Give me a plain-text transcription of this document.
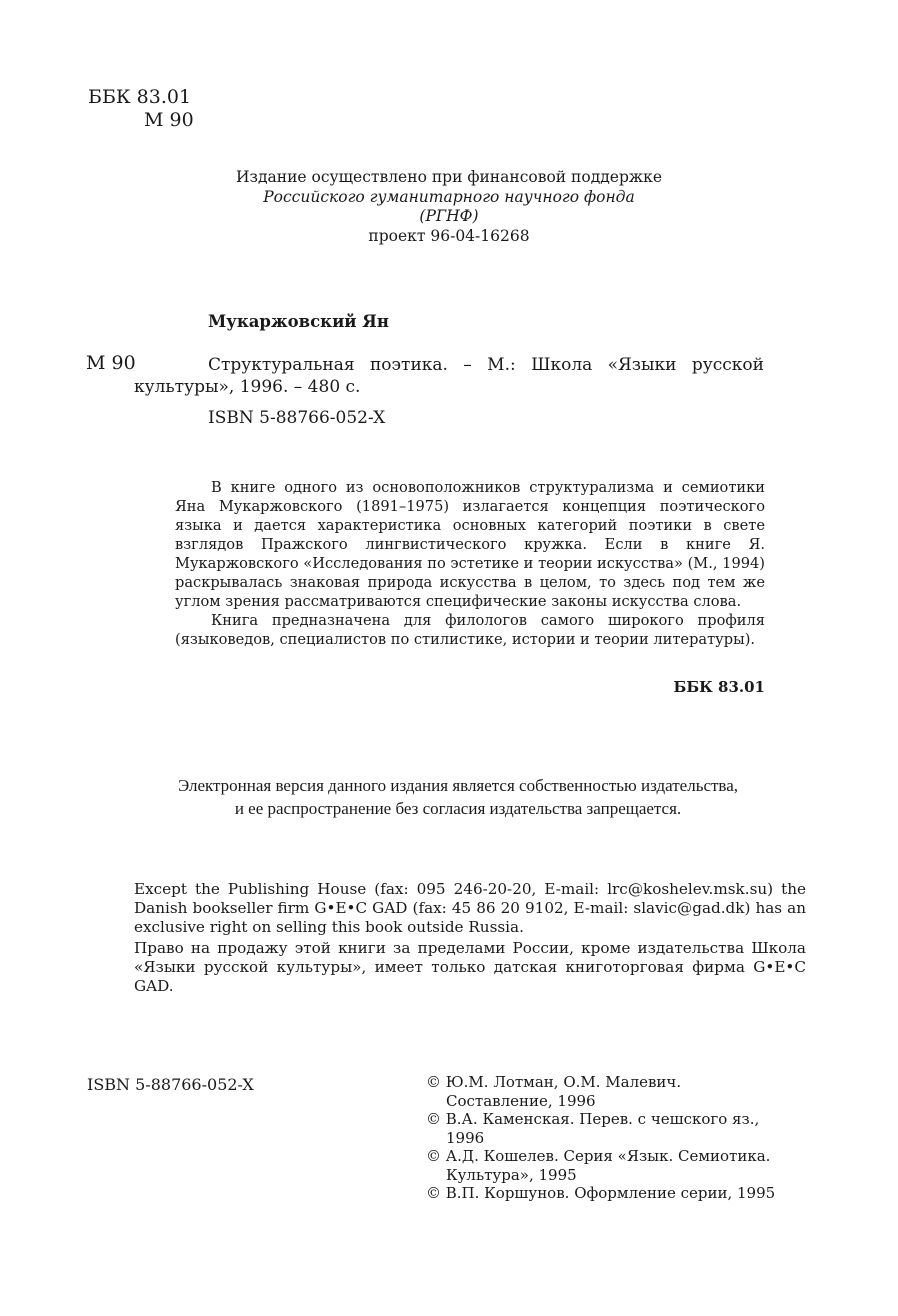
ББК 83.01
М 90
Издание осуществлено при финансовой поддержке
Российского гуманитарного научного фонда
(РГНФ)
проект 96-04-16268
Мукаржовский Ян
М 90	Структуральная поэтика. – М.: Школа «Языки русской культуры», 1996. – 480 с.
ISBN 5-88766-052-X

В книге одного из основоположников структурализма и семиотики Яна Мукаржовского (1891–1975) излагается концепция поэтического языка и дается характеристика основных категорий поэтики в свете взглядов Пражского лингвистического кружка. Если в книге Я. Мукаржовского «Исследования по эстетике и теории искусства» (М., 1994) раскрывалась знаковая природа искусства в целом, то здесь под тем же углом зрения рассматриваются специфические законы искусства слова.

Книга предназначена для филологов самого широкого профиля (языковедов, специалистов по стилистике, истории и теории литературы).

ББК 83.01
Электронная версия данного издания является собственностью издательства,
и ее распространение без согласия издательства запрещается.

Except the Publishing House (fax: 095 246-20-20, E-mail: lrc@koshelev.msk.su) the Danish bookseller firm G•E•C GAD (fax: 45 86 20 9102, E-mail: slavic@gad.dk) has an exclusive right on selling this book outside Russia.

Право на продажу этой книги за пределами России, кроме издательства Школа «Языки русской культуры», имеет только датская книготорговая фирма G•E•C GAD.

ISBN 5-88766-052-X	© Ю.М. Лотман, О.М. Малевич.
Составление, 1996
© В.А. Каменская. Перев. с чешского яз.,
1996
© А.Д. Кошелев. Серия «Язык. Семиотика.
Культура», 1995
© В.П. Коршунов. Оформление серии, 1995
